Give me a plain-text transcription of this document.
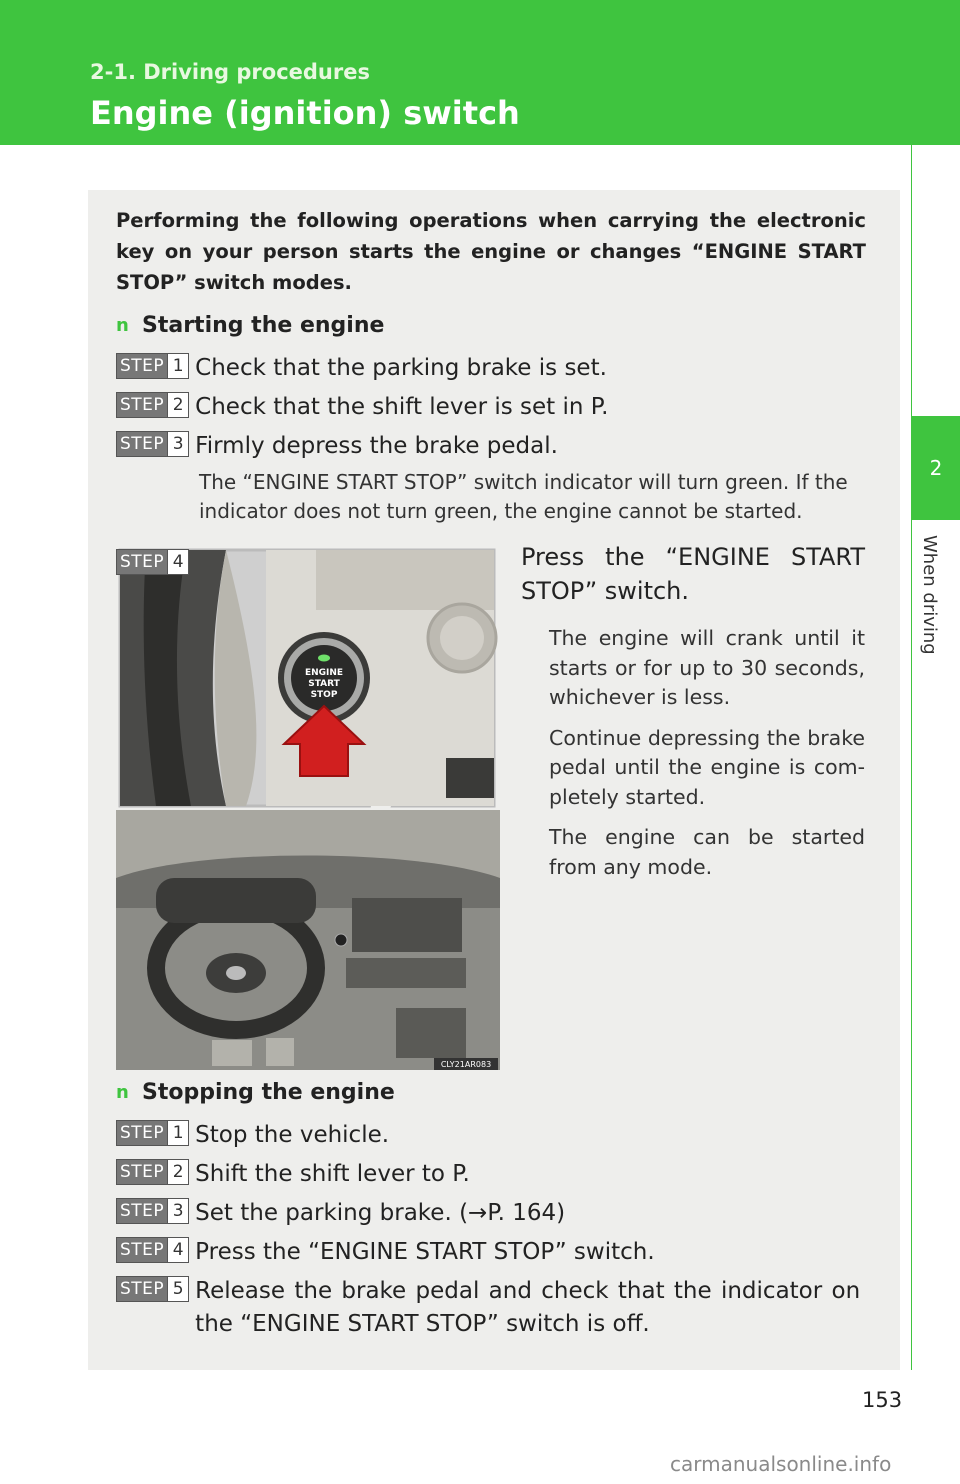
2-1. Driving procedures
Engine (ignition) switch
2
When driving
Performing the following operations when carrying the electronic key on your person starts the engine or changes “ENGINE START STOP” switch modes.
n Starting the engine
STEP 1 Check that the parking brake is set.
STEP 2 Check that the shift lever is set in P.
STEP 3 Firmly depress the brake pedal.
The “ENGINE START STOP” switch indicator will turn green. If the indicator does not turn green, the engine cannot be started.
ENGINE
START
STOP
CLY21AR083
STEP 4	Press the “ENGINE START STOP” switch.

The engine will crank until it starts or for up to 30 seconds, whichever is less.

Continue depressing the brake pedal until the engine is com-pletely started.

The engine can be started from any mode.

n Stopping the engine
STEP 1 Stop the vehicle.
STEP 2 Shift the shift lever to P.
STEP 3 Set the parking brake. (→P. 164)
STEP 4 Press the “ENGINE START STOP” switch.
STEP 5 Release the brake pedal and check that the indicator on the “ENGINE START STOP” switch is off.
153
carmanualsonline.info
